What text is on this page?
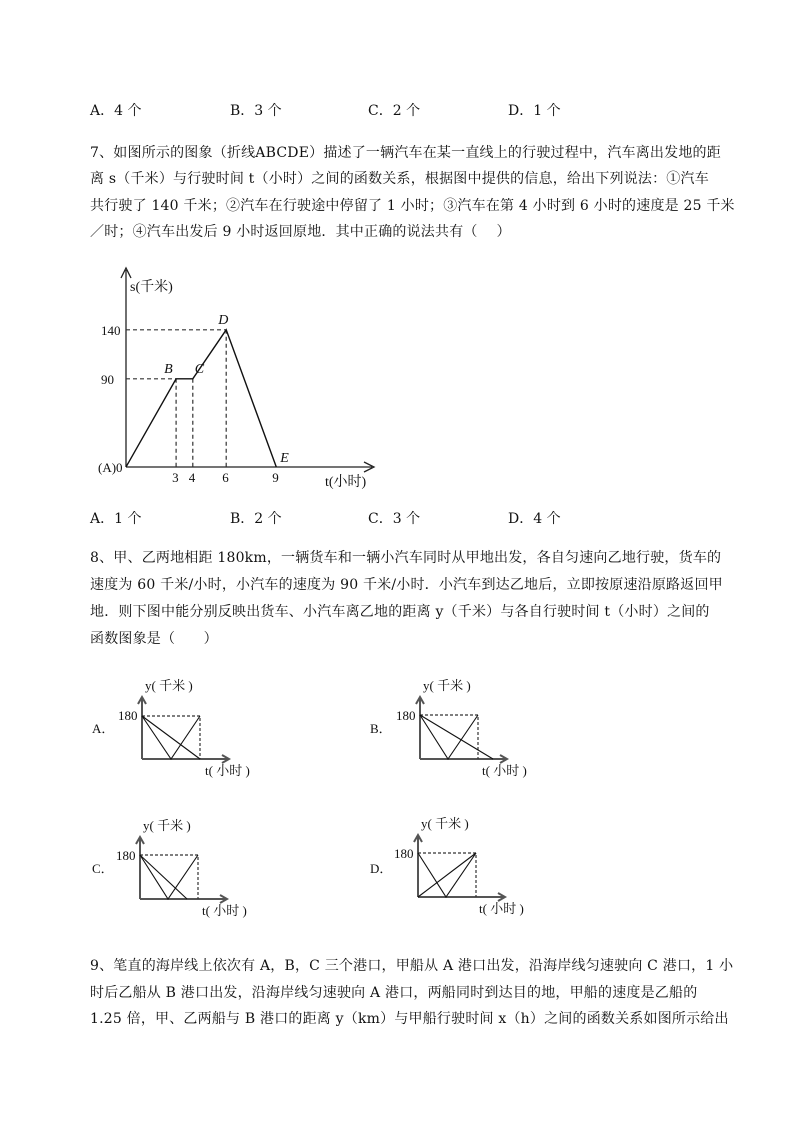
A．4 个	B．3 个	C．2 个	D．1 个
7、如图所示的图象（折线ABCDE）描述了一辆汽车在某一直线上的行驶过程中，汽车离出发地的距
离 s（千米）与行驶时间 t（小时）之间的函数关系，根据图中提供的信息，给出下列说法：①汽车
共行驶了 140 千米；②汽车在行驶途中停留了 1 小时；③汽车在第 4 小时到 6 小时的速度是 25 千米
／时；④汽车出发后 9 小时返回原地．其中正确的说法共有（　 ）
B C
D
E
3 4 6	9
90
140
s(千米)
t(小时)
(A)0
A．1 个	B．2 个	C．3 个	D．4 个
8、甲、乙两地相距 180km，一辆货车和一辆小汽车同时从甲地出发，各自匀速向乙地行驶，货车的
速度为 60 千米/小时，小汽车的速度为 90 千米/小时．小汽车到达乙地后，立即按原速沿原路返回甲
地．则下图中能分别反映出货车、小汽车离乙地的距离 y（千米）与各自行驶时间 t（小时）之间的
函数图象是（　　）
A．
y( 千米 )
t( 小时 )
180
B．
y( 千米 )
t( 小时 )
180
C．
y( 千米 )
t( 小时 )
180
D．
y( 千米 )
t( 小时 )
180
9、笔直的海岸线上依次有 A，B，C 三个港口，甲船从 A 港口出发，沿海岸线匀速驶向 C 港口，1 小
时后乙船从 B 港口出发，沿海岸线匀速驶向 A 港口，两船同时到达目的地，甲船的速度是乙船的
1.25 倍，甲、乙两船与 B 港口的距离 y（km）与甲船行驶时间 x（h）之间的函数关系如图所示给出
